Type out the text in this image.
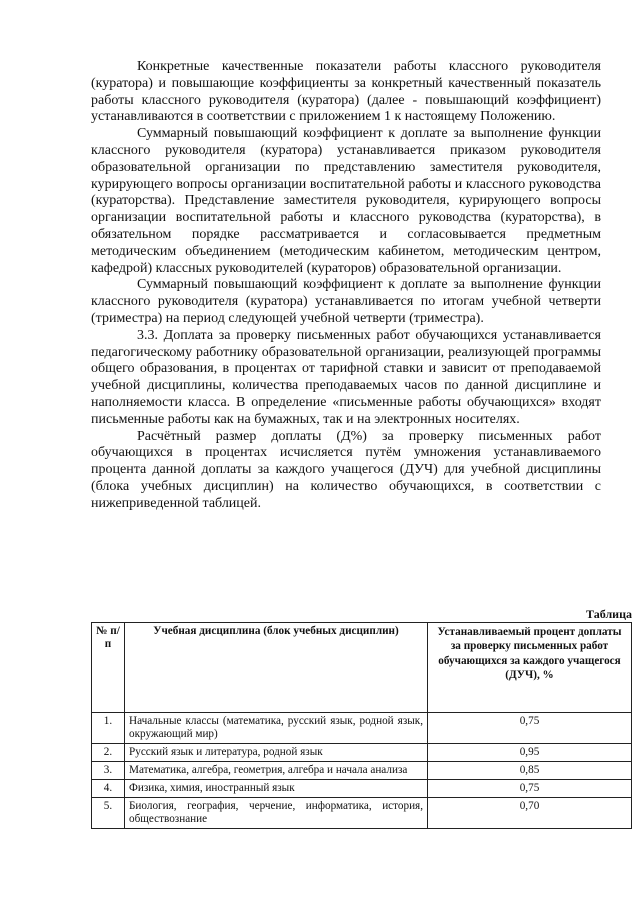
Конкретные качественные показатели работы классного руководителя (куратора) и повышающие коэффициенты за конкретный качественный показатель работы классного руководителя (куратора) (далее - повышающий коэффициент) устанавливаются в соответствии с приложением 1 к настоящему Положению.

Суммарный повышающий коэффициент к доплате за выполнение функции классного руководителя (куратора) устанавливается приказом руководителя образовательной организации по представлению заместителя руководителя, курирующего вопросы организации воспитательной работы и классного руководства (кураторства). Представление заместителя руководителя, курирующего вопросы организации воспитательной работы и классного руководства (кураторства), в обязательном порядке рассматривается и согласовывается предметным методическим объединением (методическим кабинетом, методическим центром, кафедрой) классных руководителей (кураторов) образовательной организации.

Суммарный повышающий коэффициент к доплате за выполнение функции классного руководителя (куратора) устанавливается по итогам учебной четверти (триместра) на период следующей учебной четверти (триместра).

3.3. Доплата за проверку письменных работ обучающихся устанавливается педагогическому работнику образовательной организации, реализующей программы общего образования, в процентах от тарифной ставки и зависит от преподаваемой учебной дисциплины, количества преподаваемых часов по данной дисциплине и наполняемости класса. В определение «письменные работы обучающихся» входят письменные работы как на бумажных, так и на электронных носителях.

Расчётный размер доплаты (Д%) за проверку письменных работ обучающихся в процентах исчисляется путём умножения устанавливаемого процента данной доплаты за каждого учащегося (ДУЧ) для учебной дисциплины (блока учебных дисциплин) на количество обучающихся, в соответствии с нижеприведенной таблицей.

Таблица
№ п/п	Учебная дисциплина (блок учебных дисциплин)	Устанавливаемый процент доплаты за проверку письменных работ обучающихся за каждого учащегося (ДУЧ), %
1.	Начальные классы (математика, русский язык, родной язык, окружающий мир)	0,75
2.	Русский язык и литература, родной язык	0,95
3.	Математика, алгебра, геометрия, алгебра и начала анализа	0,85
4.	Физика, химия, иностранный язык	0,75
5.	Биология, география, черчение, информатика, история, обществознание	0,70
